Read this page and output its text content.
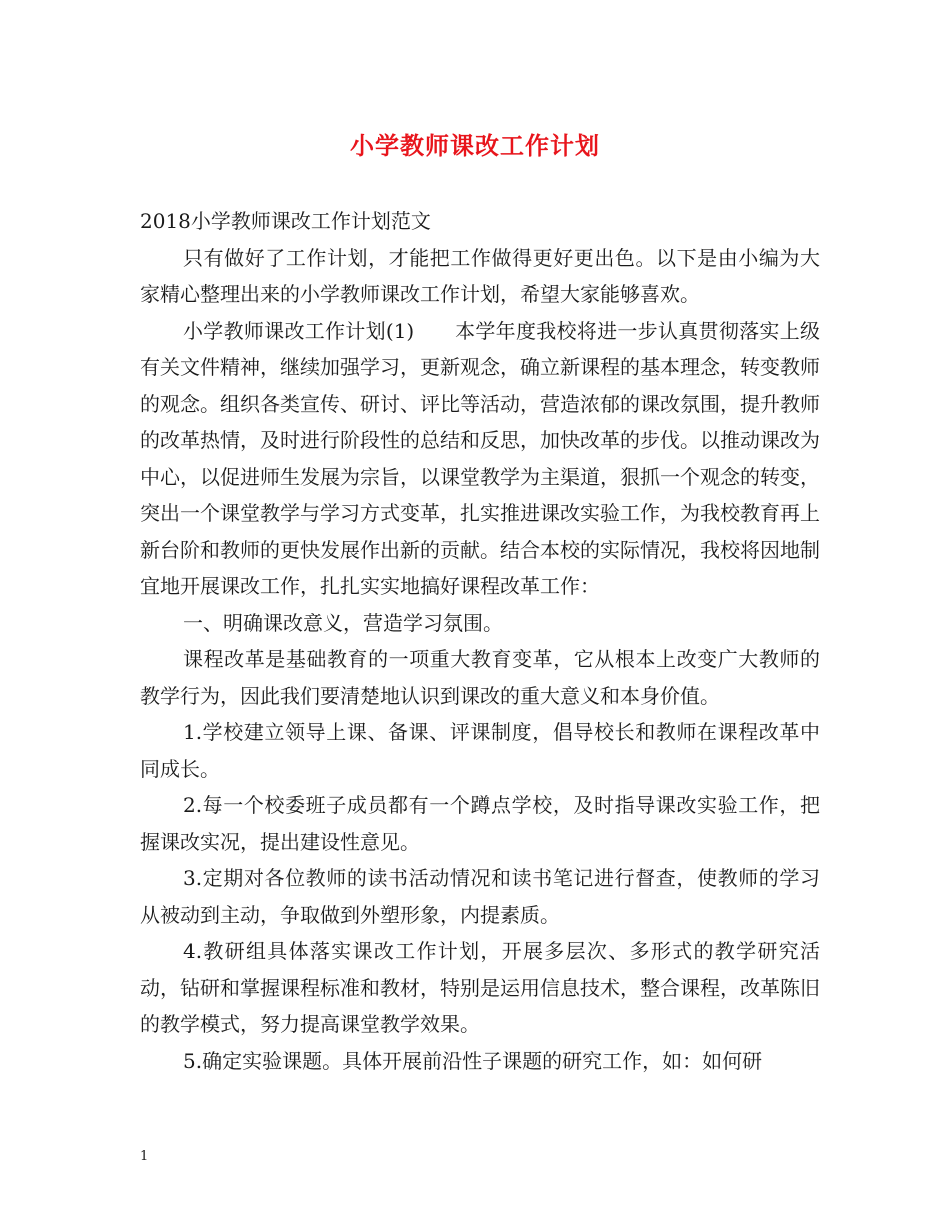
小学教师课改工作计划

2018小学教师课改工作计划范文

只有做好了工作计划，才能把工作做得更好更出色。以下是由小编为大家精心整理出来的小学教师课改工作计划，希望大家能够喜欢。

小学教师课改工作计划(1)　　本学年度我校将进一步认真贯彻落实上级有关文件精神，继续加强学习，更新观念，确立新课程的基本理念，转变教师的观念。组织各类宣传、研讨、评比等活动，营造浓郁的课改氛围，提升教师的改革热情，及时进行阶段性的总结和反思，加快改革的步伐。以推动课改为中心，以促进师生发展为宗旨，以课堂教学为主渠道，狠抓一个观念的转变，突出一个课堂教学与学习方式变革，扎实推进课改实验工作，为我校教育再上新台阶和教师的更快发展作出新的贡献。结合本校的实际情况，我校将因地制宜地开展课改工作，扎扎实实地搞好课程改革工作：

一、明确课改意义，营造学习氛围。

课程改革是基础教育的一项重大教育变革，它从根本上改变广大教师的教学行为，因此我们要清楚地认识到课改的重大意义和本身价值。

1.学校建立领导上课、备课、评课制度，倡导校长和教师在课程改革中同成长。

2.每一个校委班子成员都有一个蹲点学校，及时指导课改实验工作，把握课改实况，提出建设性意见。

3.定期对各位教师的读书活动情况和读书笔记进行督查，使教师的学习从被动到主动，争取做到外塑形象，内提素质。

4.教研组具体落实课改工作计划，开展多层次、多形式的教学研究活动，钻研和掌握课程标准和教材，特别是运用信息技术，整合课程，改革陈旧的教学模式，努力提高课堂教学效果。

5.确定实验课题。具体开展前沿性子课题的研究工作，如：如何研

1
